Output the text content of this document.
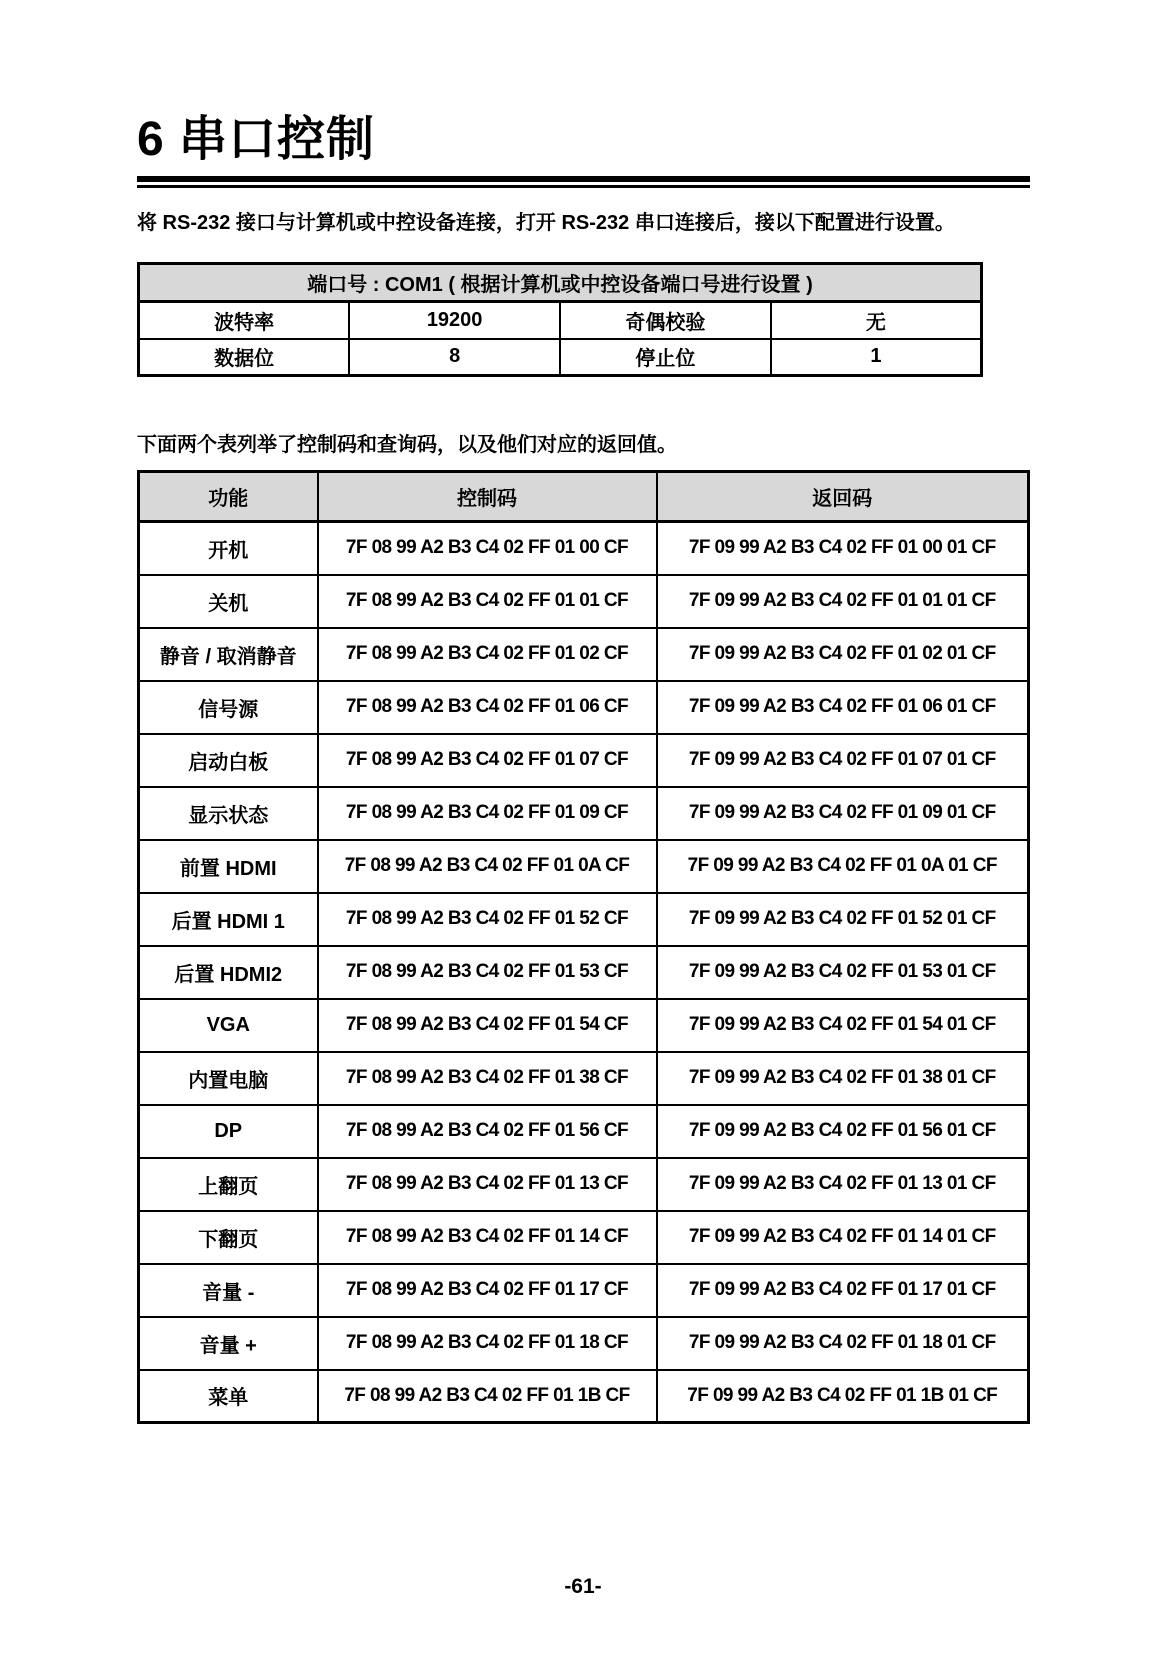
6 串口控制

将 RS-232 接口与计算机或中控设备连接，打开 RS-232 串口连接后，接以下配置进行设置。

端口号 : COM1 ( 根据计算机或中控设备端口号进行设置 )			
波特率	19200	奇偶校验	无
数据位	8	停止位	1

下面两个表列举了控制码和查询码，以及他们对应的返回值。

功能	控制码	返回码
开机	7F 08 99 A2 B3 C4 02 FF 01 00 CF	7F 09 99 A2 B3 C4 02 FF 01 00 01 CF
关机	7F 08 99 A2 B3 C4 02 FF 01 01 CF	7F 09 99 A2 B3 C4 02 FF 01 01 01 CF
静音 / 取消静音	7F 08 99 A2 B3 C4 02 FF 01 02 CF	7F 09 99 A2 B3 C4 02 FF 01 02 01 CF
信号源	7F 08 99 A2 B3 C4 02 FF 01 06 CF	7F 09 99 A2 B3 C4 02 FF 01 06 01 CF
启动白板	7F 08 99 A2 B3 C4 02 FF 01 07 CF	7F 09 99 A2 B3 C4 02 FF 01 07 01 CF
显示状态	7F 08 99 A2 B3 C4 02 FF 01 09 CF	7F 09 99 A2 B3 C4 02 FF 01 09 01 CF
前置 HDMI	7F 08 99 A2 B3 C4 02 FF 01 0A CF	7F 09 99 A2 B3 C4 02 FF 01 0A 01 CF
后置 HDMI 1	7F 08 99 A2 B3 C4 02 FF 01 52 CF	7F 09 99 A2 B3 C4 02 FF 01 52 01 CF
后置 HDMI2	7F 08 99 A2 B3 C4 02 FF 01 53 CF	7F 09 99 A2 B3 C4 02 FF 01 53 01 CF
VGA	7F 08 99 A2 B3 C4 02 FF 01 54 CF	7F 09 99 A2 B3 C4 02 FF 01 54 01 CF
内置电脑	7F 08 99 A2 B3 C4 02 FF 01 38 CF	7F 09 99 A2 B3 C4 02 FF 01 38 01 CF
DP	7F 08 99 A2 B3 C4 02 FF 01 56 CF	7F 09 99 A2 B3 C4 02 FF 01 56 01 CF
上翻页	7F 08 99 A2 B3 C4 02 FF 01 13 CF	7F 09 99 A2 B3 C4 02 FF 01 13 01 CF
下翻页	7F 08 99 A2 B3 C4 02 FF 01 14 CF	7F 09 99 A2 B3 C4 02 FF 01 14 01 CF
音量 -	7F 08 99 A2 B3 C4 02 FF 01 17 CF	7F 09 99 A2 B3 C4 02 FF 01 17 01 CF
音量 +	7F 08 99 A2 B3 C4 02 FF 01 18 CF	7F 09 99 A2 B3 C4 02 FF 01 18 01 CF
菜单	7F 08 99 A2 B3 C4 02 FF 01 1B CF	7F 09 99 A2 B3 C4 02 FF 01 1B 01 CF
-61-
